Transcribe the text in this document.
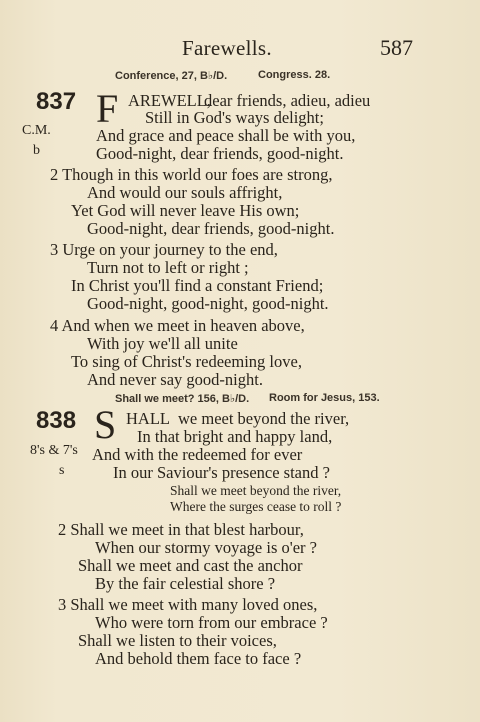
Farewells.	587
Conference, 27, B♭/D.	Congress. 28.
837 F AREWELL,
dear friends, adieu, adieu
Still in God's ways delight;
C.M.	And grace and peace shall be with you,
b	Good-night, dear friends, good-night.
2 Though in this world our foes are strong,
And would our souls affright,
Yet God will never leave His own;
Good-night, dear friends, good-night.
3 Urge on your journey to the end,
Turn not to left or right ;
In Christ you'll find a constant Friend;
Good-night, good-night, good-night.
4 And when we meet in heaven above,
With joy we'll all unite
To sing of Christ's redeeming love,
And never say good-night.
Shall we meet? 156, B♭/D. Room for Jesus, 153.
838 S HALL we meet beyond the river,
In that bright and happy land,
8's & 7's And with the redeemed for ever
s	In our Saviour's presence stand ?
Shall we meet beyond the river,
Where the surges cease to roll ?
2 Shall we meet in that blest harbour,
When our stormy voyage is o'er ?
Shall we meet and cast the anchor
By the fair celestial shore ?
3 Shall we meet with many loved ones,
Who were torn from our embrace ?
Shall we listen to their voices,
And behold them face to face ?
